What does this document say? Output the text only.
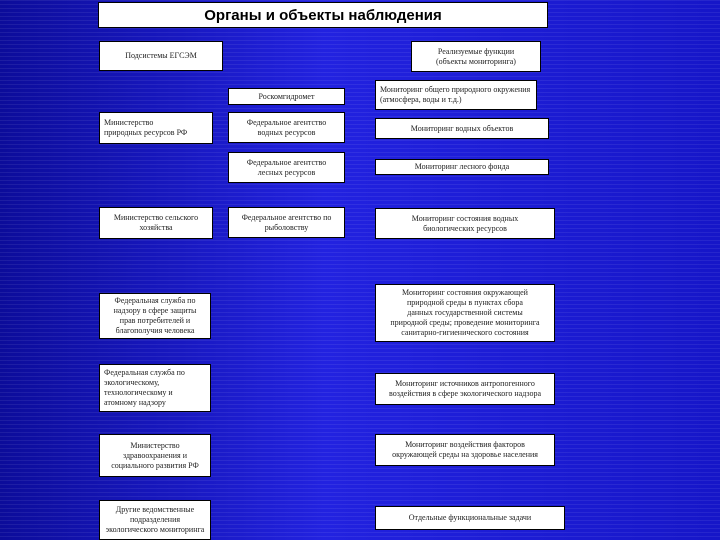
Органы и объекты наблюдения
Подсистемы ЕГСЭМ
Министерство
природных ресурсов РФ
Министерство сельского
хозяйства
Федеральная служба по
надзору в сфере защиты
прав потребителей и
благополучия человека
Федеральная служба по
экологическому,
технологическому и
атомному надзору
Министерство
здравоохранения и
социального развития РФ
Другие ведомственные
подразделения
экологического мониторинга
Роскомгидромет
Федеральное агентство
водных ресурсов
Федеральное агентство
лесных ресурсов
Федеральное агентство по
рыболовству
Реализуемые функции
(объекты мониторинга)
Мониторинг общего природного окружения (атмосфера, воды и т.д.)
Мониторинг водных объектов
Мониторинг лесного фонда
Мониторинг состояния водных
биологических ресурсов
Мониторинг состояния окружающей
природной среды в пунктах сбора
данных государственной системы
природной среды; проведение мониторинга
санитарно-гигиенического состояния
Мониторинг источников антропогенного
воздействия в сфере экологического надзора
Мониторинг воздействия факторов
окружающей среды на здоровье населения
Отдельные функциональные задачи
